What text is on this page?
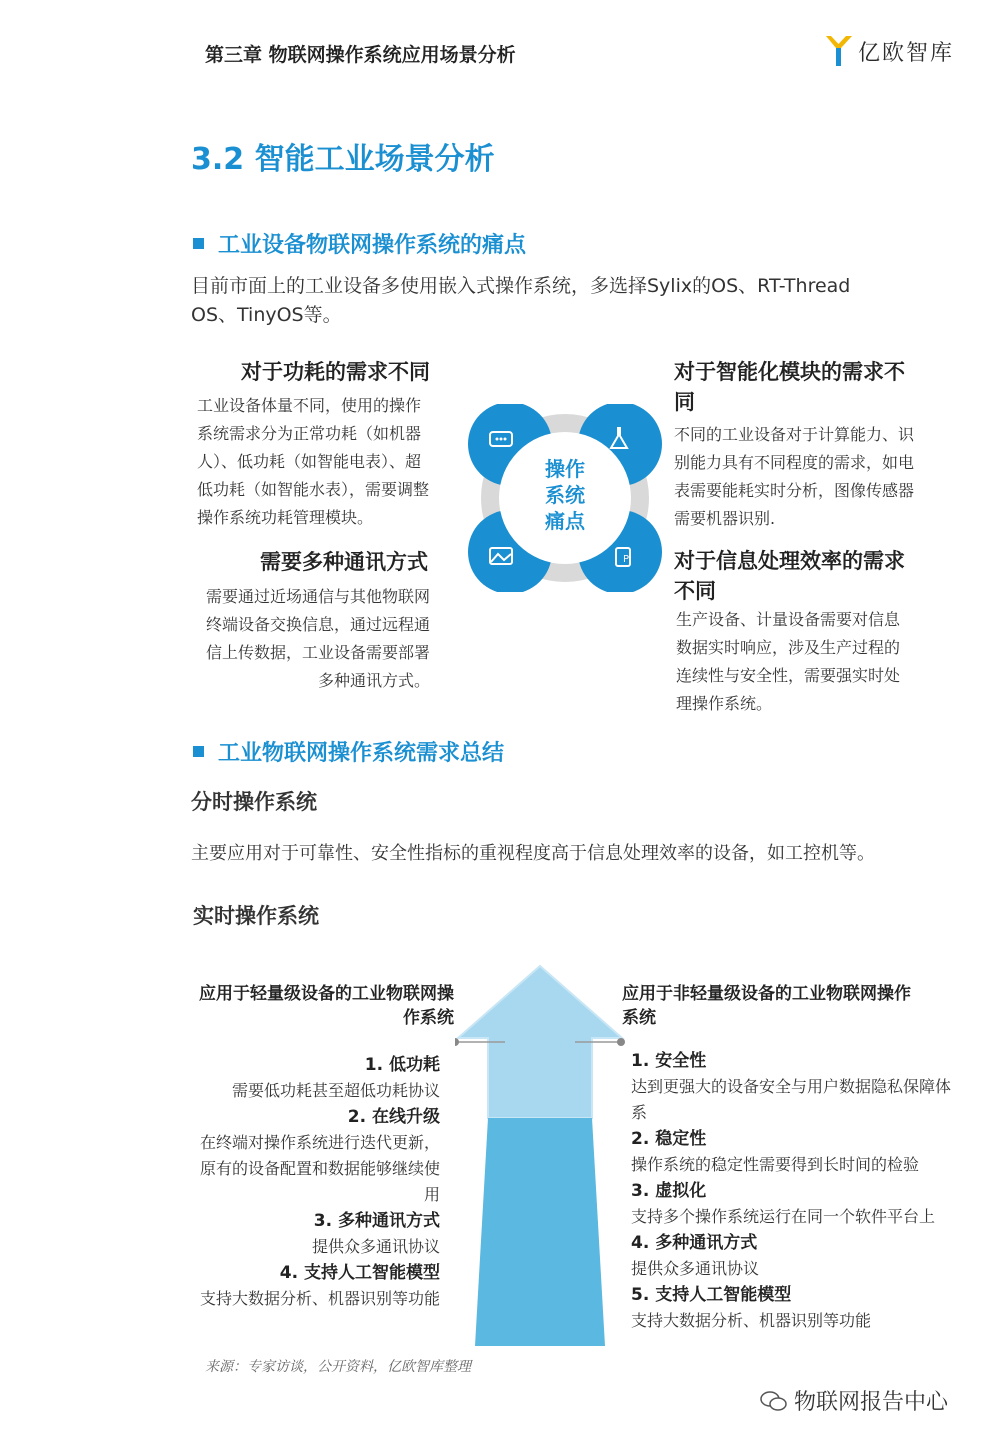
第三章 物联网操作系统应用场景分析	亿欧智库
3.2 智能工业场景分析
工业设备物联网操作系统的痛点
目前市面上的工业设备多使用嵌入式操作系统，多选择Sylix的OS、RT-Thread OS、TinyOS等。
对于功耗的需求不同
工业设备体量不同，使用的操作系统需求分为正常功耗（如机器人）、低功耗（如智能电表）、超低功耗（如智能水表），需要调整操作系统功耗管理模块。
需要多种通讯方式
需要通过近场通信与其他物联网终端设备交换信息，通过远程通信上传数据，工业设备需要部署多种通讯方式。
对于智能化模块的需求不同
不同的工业设备对于计算能力、识别能力具有不同程度的需求，如电表需要能耗实时分析，图像传感器需要机器识别.
对于信息处理效率的需求不同
生产设备、计量设备需要对信息数据实时响应，涉及生产过程的连续性与安全性，需要强实时处理操作系统。
P
操作
系统
痛点
工业物联网操作系统需求总结
分时操作系统
主要应用对于可靠性、安全性指标的重视程度高于信息处理效率的设备，如工控机等。
实时操作系统
应用于轻量级设备的工业物联网操作系统
1. 低功耗
需要低功耗甚至超低功耗协议
2. 在线升级
在终端对操作系统进行迭代更新，原有的设备配置和数据能够继续使用
3. 多种通讯方式
提供众多通讯协议
4. 支持人工智能模型
支持大数据分析、机器识别等功能
应用于非轻量级设备的工业物联网操作系统
1. 安全性
达到更强大的设备安全与用户数据隐私保障体系
2. 稳定性
操作系统的稳定性需要得到长时间的检验
3. 虚拟化
支持多个操作系统运行在同一个软件平台上
4. 多种通讯方式
提供众多通讯协议
5. 支持人工智能模型
支持大数据分析、机器识别等功能
来源：专家访谈，公开资料，亿欧智库整理
物联网报告中心
